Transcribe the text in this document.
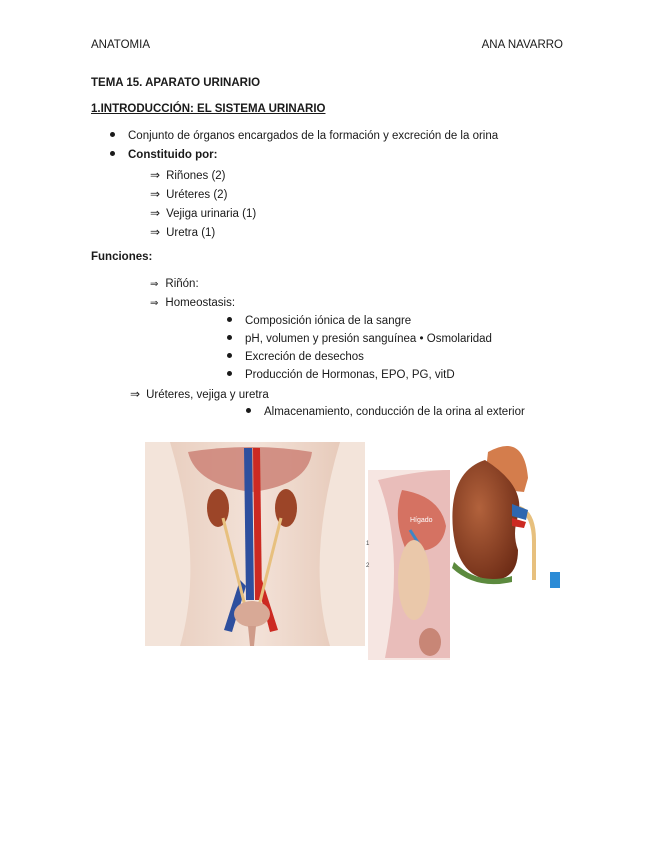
ANATOMIA	ANA NAVARRO
TEMA 15. APARATO URINARIO
1.INTRODUCCIÓN: EL SISTEMA URINARIO
Conjunto de órganos encargados de la formación y excreción de la orina
Constituido por:
⇒ Riñones (2)
⇒ Uréteres (2)
⇒ Vejiga urinaria (1)
⇒ Uretra (1)
Funciones:
⇒ Riñón:
⇒ Homeostasis:
Composición iónica de la sangre
pH, volumen y presión sanguínea • Osmolaridad
Excreción de desechos
Producción de Hormonas, EPO, PG, vitD
⇒ Uréteres, vejiga y uretra
Almacenamiento, conducción de la orina al exterior
Hígado
1
2
